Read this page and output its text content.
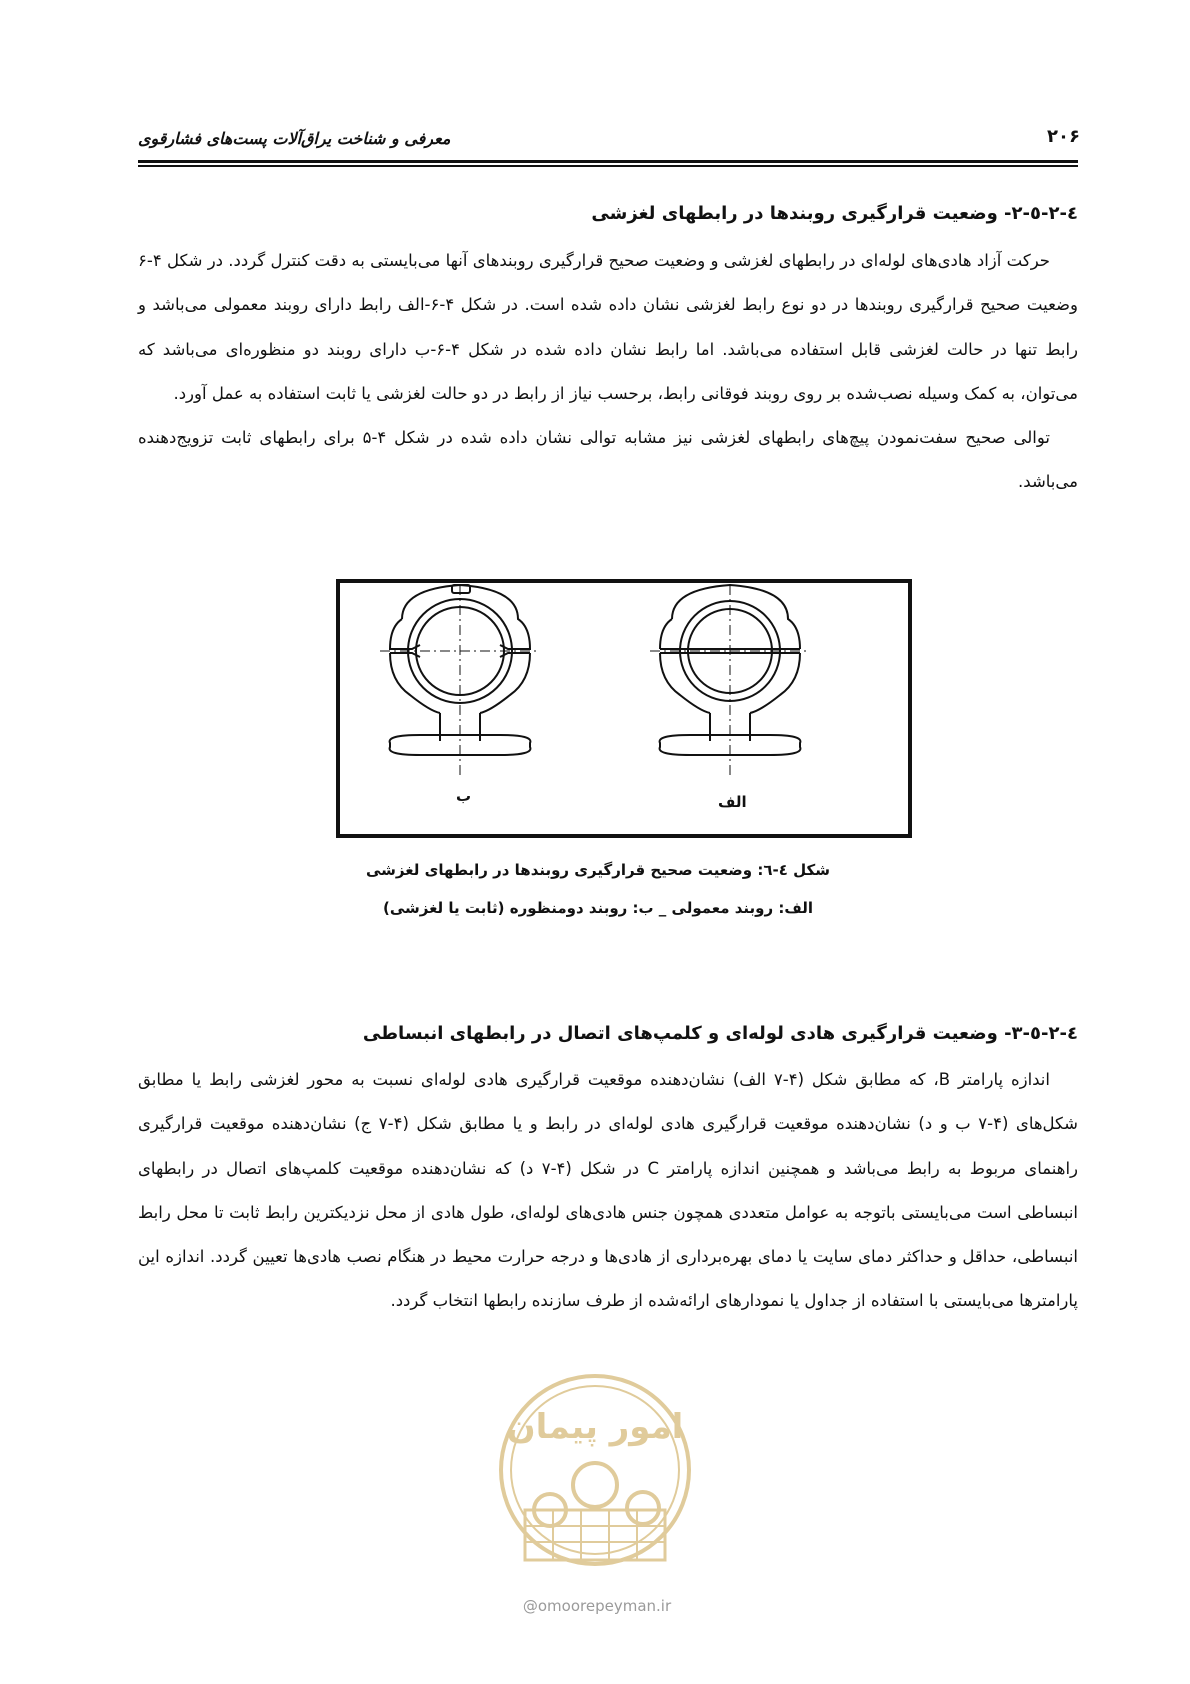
معرفی و شناخت یراق‌آلات پست‌های فشارقوی	۲۰۶
٤-٢-٥-٢- وضعیت قرارگیری روبندها در رابطهای لغزشی

حرکت آزاد هادی‌های لوله‌ای در رابطهای لغزشی و وضعیت صحیح قرارگیری روبندهای آنها می‌بایستی به دقت کنترل گردد. در شکل ۴-۶ وضعیت صحیح قرارگیری روبندها در دو نوع رابط لغزشی نشان داده شده است. در شکل ۴-۶-الف رابط دارای روبند معمولی می‌باشد و رابط تنها در حالت لغزشی قابل استفاده می‌باشد. اما رابط نشان داده شده در شکل ۴-۶-ب دارای روبند دو منظوره‌ای می‌باشد که می‌توان، به کمک وسیله نصب‌شده بر روی روبند فوقانی رابط، برحسب نیاز از رابط در دو حالت لغزشی یا ثابت استفاده به عمل آورد.

توالی صحیح سفت‌نمودن پیچ‌های رابطهای لغزشی نیز مشابه توالی نشان داده شده در شکل ۴-۵ برای رابطهای ثابت تزویج‌دهنده می‌باشد.

ب	الف
شکل ٤-٦: وضعیت صحیح قرارگیری روبندها در رابطهای لغزشی
الف: روبند معمولی _ ب: روبند دومنظوره (ثابت یا لغزشی)
٤-٢-٥-٣- وضعیت قرارگیری هادی لوله‌ای و کلمپ‌های اتصال در رابطهای انبساطی

اندازه پارامتر B، که مطابق شکل (۴-۷ الف) نشان‌دهنده موقعیت قرارگیری هادی لوله‌ای نسبت به محور لغزشی رابط یا مطابق شکل‌های (۴-۷ ب و د) نشان‌دهنده موقعیت قرارگیری هادی لوله‌ای در رابط و یا مطابق شکل (۴-۷ ج) نشان‌دهنده موقعیت قرارگیری راهنمای مربوط به رابط می‌باشد و همچنین اندازه پارامتر C در شکل (۴-۷ د) که نشان‌دهنده موقعیت کلمپ‌های اتصال در رابطهای انبساطی است می‌بایستی باتوجه به عوامل متعددی همچون جنس هادی‌های لوله‌ای، طول هادی از محل نزدیکترین رابط ثابت تا محل رابط انبساطی، حداقل و حداکثر دمای سایت یا دمای بهره‌برداری از هادی‌ها و درجه حرارت محیط در هنگام نصب هادی‌ها تعیین گردد. اندازه این پارامترها می‌بایستی با استفاده از جداول یا نمودارهای ارائه‌شده از طرف سازنده رابطها انتخاب گردد.

امور پیمان
@omoorepeyman.ir
